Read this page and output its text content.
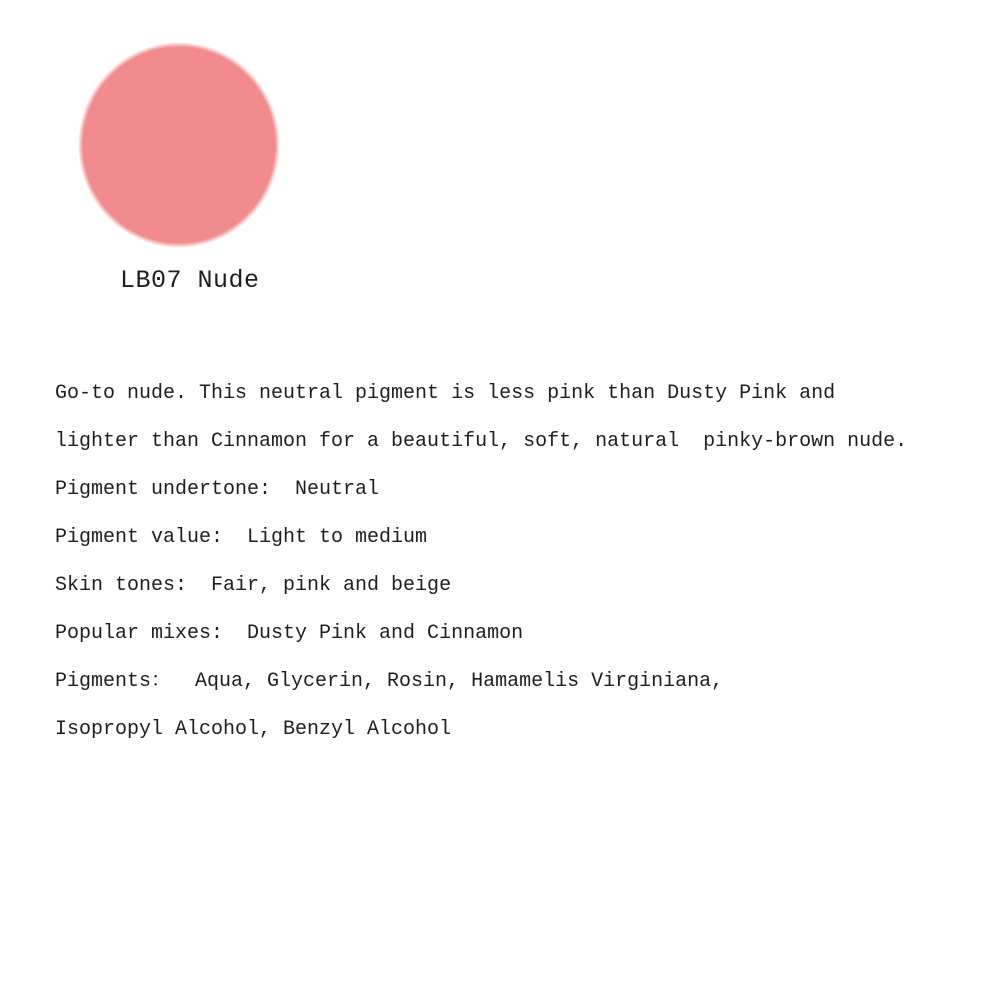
LB07 Nude
Go-to nude. This neutral pigment is less pink than Dusty Pink and
lighter than Cinnamon for a beautiful, soft, natural  pinky-brown nude.
Pigment undertone:  Neutral
Pigment value:  Light to medium
Skin tones:  Fair, pink and beige
Popular mixes:  Dusty Pink and Cinnamon
Pigments：  Aqua, Glycerin, Rosin, Hamamelis Virginiana,
Isopropyl Alcohol, Benzyl Alcohol
